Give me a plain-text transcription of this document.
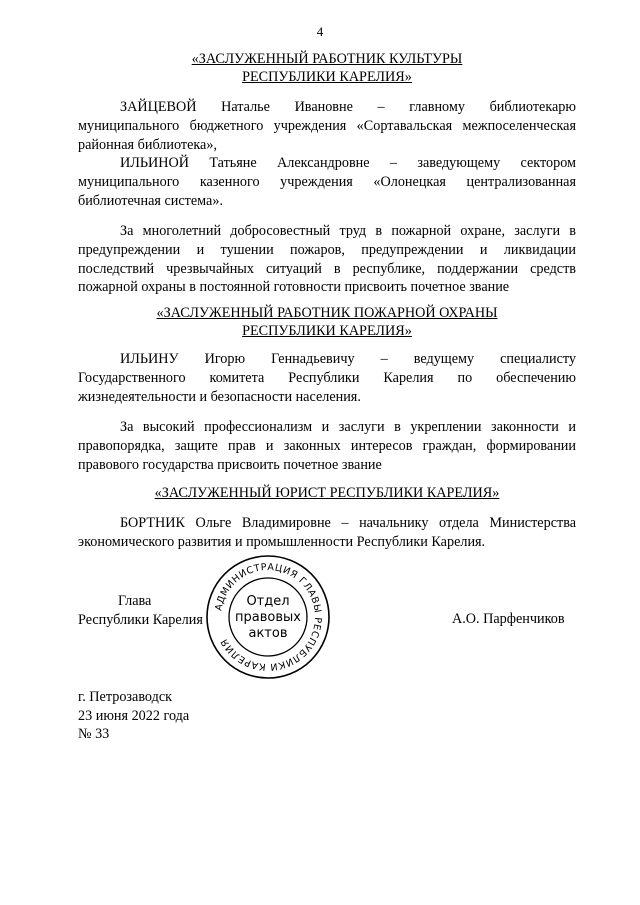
4
«ЗАСЛУЖЕННЫЙ РАБОТНИК КУЛЬТУРЫ
РЕСПУБЛИКИ КАРЕЛИЯ»

ЗАЙЦЕВОЙ Наталье Ивановне – главному библиотекарю
муниципального бюджетного учреждения «Сортавальская межпоселенческая
районная библиотека»,

ИЛЬИНОЙ Татьяне Александровне – заведующему сектором
муниципального казенного учреждения «Олонецкая централизованная
библиотечная система».

За многолетний добросовестный труд в пожарной охране, заслуги в
предупреждении и тушении пожаров, предупреждении и ликвидации
последствий чрезвычайных ситуаций в республике, поддержании средств
пожарной охраны в постоянной готовности присвоить почетное звание

«ЗАСЛУЖЕННЫЙ РАБОТНИК ПОЖАРНОЙ ОХРАНЫ
РЕСПУБЛИКИ КАРЕЛИЯ»

ИЛЬИНУ Игорю Геннадьевичу – ведущему специалисту
Государственного комитета Республики Карелия по обеспечению
жизнедеятельности и безопасности населения.

За высокий профессионализм и заслуги в укреплении законности и
правопорядка, защите прав и законных интересов граждан, формировании
правового государства присвоить почетное звание

«ЗАСЛУЖЕННЫЙ ЮРИСТ РЕСПУБЛИКИ КАРЕЛИЯ»

БОРТНИК Ольге Владимировне – начальнику отдела Министерства
экономического развития и промышленности Республики Карелия.

Глава
Республики Карелия
АДМИНИСТРАЦИЯ ГЛАВЫ РЕСПУБЛИКИ КАРЕЛИЯ
Отдел
правовых
актов
А.О. Парфенчиков
г. Петрозаводск
23 июня 2022 года
№ 33
